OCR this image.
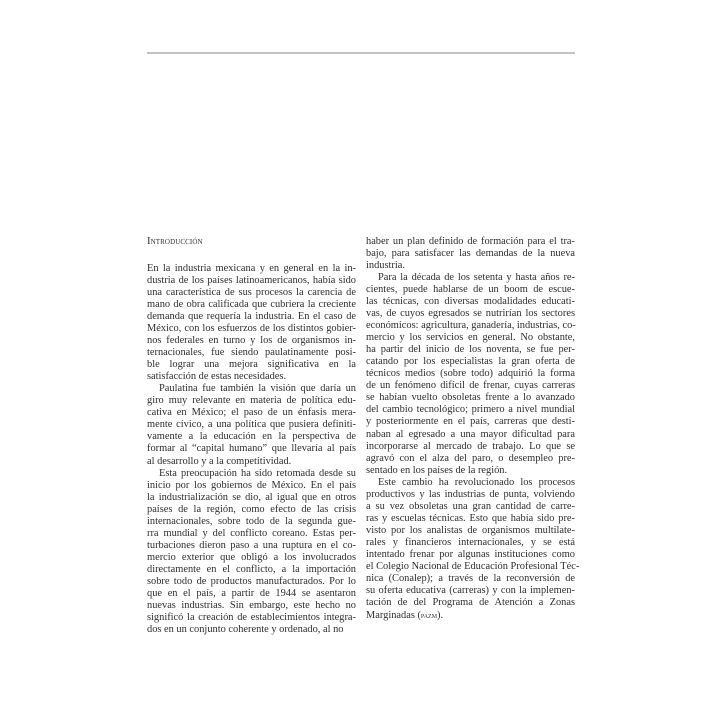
Introducción
En la industria mexicana y en general en la in-
dustria de los países latinoamericanos, había sido
una característica de sus procesos la carencia de
mano de obra calificada que cubriera la creciente
demanda que requería la industria. En el caso de
México, con los esfuerzos de los distintos gobier-
nos federales en turno y los de organismos in-
ternacionales, fue siendo paulatinamente posi-
ble lograr una mejora significativa en la
satisfacción de estas necesidades.
Paulatina fue también la visión que daría un
giro muy relevante en materia de política edu-
cativa en México; el paso de un énfasis mera-
mente cívico, a una política que pusiera definiti-
vamente a la educación en la perspectiva de
formar al “capital humano” que llevaría al país
al desarrollo y a la competitividad.
Esta preocupación ha sido retomada desde su
inicio por los gobiernos de México. En el país
la industrialización se dio, al igual que en otros
países de la región, como efecto de las crisis
internacionales, sobre todo de la segunda gue-
rra mundial y del conflicto coreano. Estas per-
turbaciones dieron paso a una ruptura en el co-
mercio exterior que obligó a los involucrados
directamente en el conflicto, a la importación
sobre todo de productos manufacturados. Por lo
que en el país, a partir de 1944 se asentaron
nuevas industrias. Sin embargo, este hecho no
significó la creación de establecimientos integra-
dos en un conjunto coherente y ordenado, al no
haber un plan definido de formación para el tra-
bajo, para satisfacer las demandas de la nueva
industria.
Para la década de los setenta y hasta años re-
cientes, puede hablarse de un boom de escue-
las técnicas, con diversas modalidades educati-
vas, de cuyos egresados se nutrirían los sectores
económicos: agricultura, ganadería, industrias, co-
mercio y los servicios en general. No obstante,
ha partir del inicio de los noventa, se fue per-
catando por los especialistas la gran oferta de
técnicos medios (sobre todo) adquirió la forma
de un fenómeno difícil de frenar, cuyas carreras
se habían vuelto obsoletas frente a lo avanzado
del cambio tecnológico; primero a nivel mundial
y posteriormente en el país, carreras que desti-
naban al egresado a una mayor dificultad para
incorporarse al mercado de trabajo. Lo que se
agravó con el alza del paro, o desempleo pre-
sentado en los países de la región.
Este cambio ha revolucionado los procesos
productivos y las industrias de punta, volviendo
a su vez obsoletas una gran cantidad de carre-
ras y escuelas técnicas. Esto que había sido pre-
visto por los analistas de organismos multilate-
rales y financieros internacionales, y se está
intentado frenar por algunas instituciones como
el Colegio Nacional de Educación Profesional Téc-
nica (Conalep); a través de la reconversión de
su oferta educativa (carreras) y con la implemen-
tación de del Programa de Atención a Zonas
Marginadas (pazm).
